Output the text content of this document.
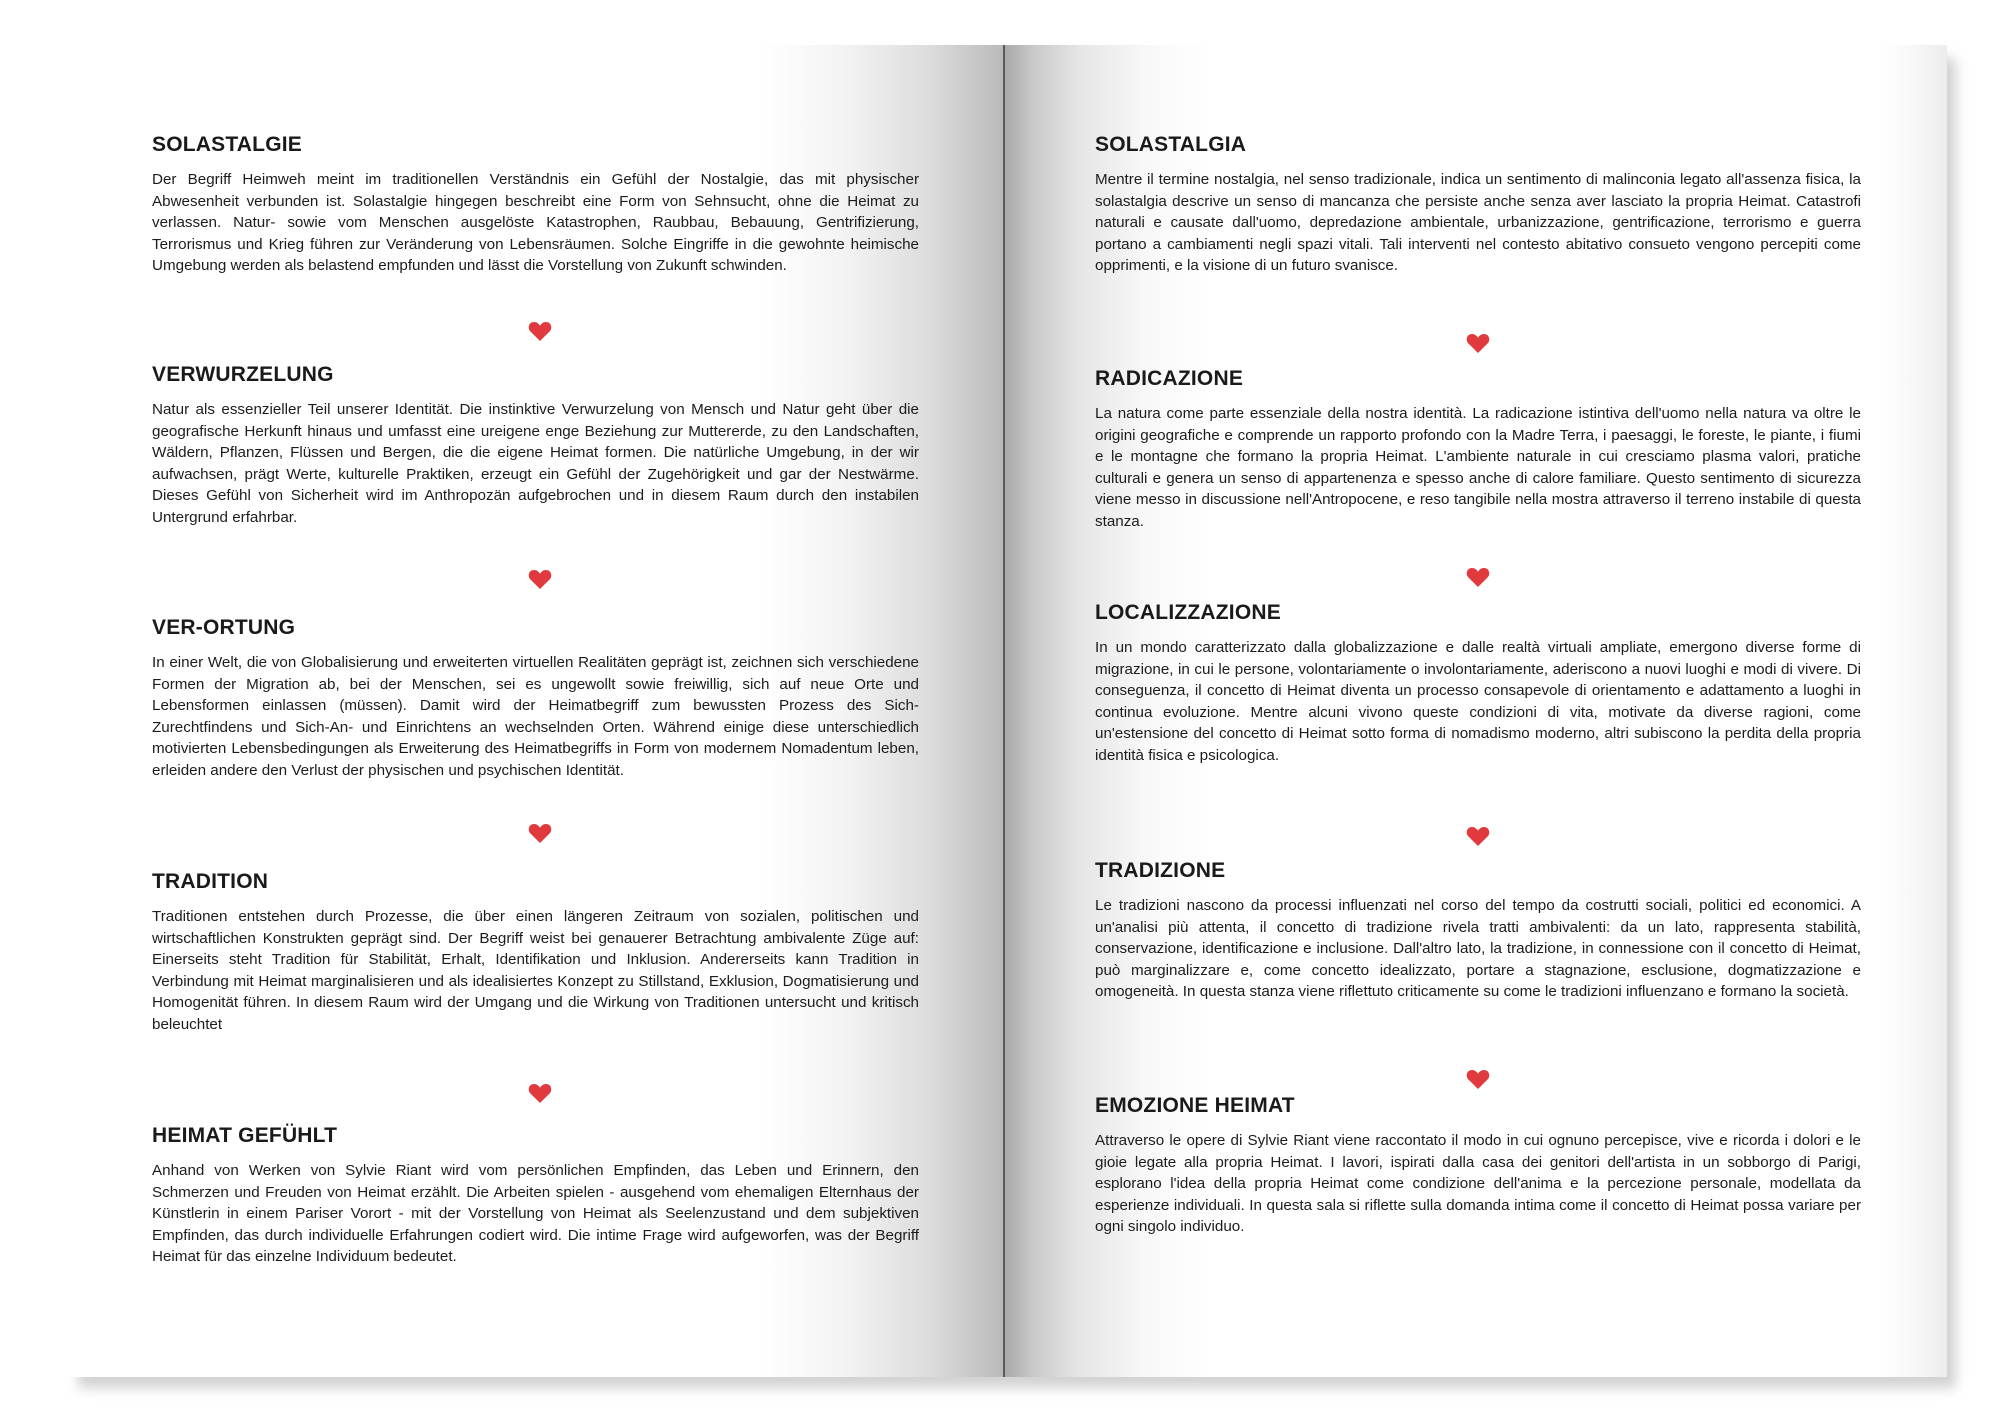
SOLASTALGIE

Der Begriff Heimweh meint im traditionellen Verständnis ein Gefühl der Nostalgie, das mit physischer Abwesenheit verbunden ist. Solastalgie hingegen beschreibt eine Form von Sehnsucht, ohne die Heimat zu verlassen. Natur- sowie vom Menschen ausgelöste Katastrophen, Raubbau, Bebauung, Gentrifizierung, Terrorismus und Krieg führen zur Veränderung von Lebensräumen. Solche Eingriffe in die gewohnte heimische Umgebung werden als belastend empfunden und lässt die Vorstellung von Zukunft schwinden.

VERWURZELUNG

Natur als essenzieller Teil unserer Identität. Die instinktive Verwurzelung von Mensch und Natur geht über die geografische Herkunft hinaus und umfasst eine ureigene enge Beziehung zur Muttererde, zu den Landschaften, Wäldern, Pflanzen, Flüssen und Bergen, die die eigene Heimat formen. Die natürliche Umgebung, in der wir aufwachsen, prägt Werte, kulturelle Praktiken, erzeugt ein Gefühl der Zugehörigkeit und gar der Nestwärme. Dieses Gefühl von Sicherheit wird im Anthropozän aufgebrochen und in diesem Raum durch den instabilen Untergrund erfahrbar.

VER-ORTUNG

In einer Welt, die von Globalisierung und erweiterten virtuellen Realitäten geprägt ist, zeichnen sich verschiedene Formen der Migration ab, bei der Menschen, sei es ungewollt sowie freiwillig, sich auf neue Orte und Lebensformen einlassen (müssen). Damit wird der Heimatbegriff zum bewussten Prozess des Sich-Zurechtfindens und Sich-An- und Einrichtens an wechselnden Orten. Während einige diese unterschiedlich motivierten Lebensbedingungen als Erweiterung des Heimatbegriffs in Form von modernem Nomadentum leben, erleiden andere den Verlust der physischen und psychischen Identität.

TRADITION

Traditionen entstehen durch Prozesse, die über einen längeren Zeitraum von sozialen, politischen und wirtschaftlichen Konstrukten geprägt sind. Der Begriff weist bei genauerer Betrachtung ambivalente Züge auf: Einerseits steht Tradition für Stabilität, Erhalt, Identifikation und Inklusion. Andererseits kann Tradition in Verbindung mit Heimat marginalisieren und als idealisiertes Konzept zu Stillstand, Exklusion, Dogmatisierung und Homogenität führen. In diesem Raum wird der Umgang und die Wirkung von Traditionen untersucht und kritisch beleuchtet

HEIMAT GEFÜHLT

Anhand von Werken von Sylvie Riant wird vom persönlichen Empfinden, das Leben und Erinnern, den Schmerzen und Freuden von Heimat erzählt. Die Arbeiten spielen - ausgehend vom ehemaligen Elternhaus der Künstlerin in einem Pariser Vorort - mit der Vorstellung von Heimat als Seelenzustand und dem subjektiven Empfinden, das durch individuelle Erfahrungen codiert wird. Die intime Frage wird aufgeworfen, was der Begriff Heimat für das einzelne Individuum bedeutet.

SOLASTALGIA

Mentre il termine nostalgia, nel senso tradizionale, indica un sentimento di malinconia legato all'assenza fisica, la solastalgia descrive un senso di mancanza che persiste anche senza aver lasciato la propria Heimat. Catastrofi naturali e causate dall'uomo, depredazione ambientale, urbanizzazione, gentrificazione, terrorismo e guerra portano a cambiamenti negli spazi vitali. Tali interventi nel contesto abitativo consueto vengono percepiti come opprimenti, e la visione di un futuro svanisce.

RADICAZIONE

La natura come parte essenziale della nostra identità. La radicazione istintiva dell'uomo nella natura va oltre le origini geografiche e comprende un rapporto profondo con la Madre Terra, i paesaggi, le foreste, le piante, i fiumi e le montagne che formano la propria Heimat. L'ambiente naturale in cui cresciamo plasma valori, pratiche culturali e genera un senso di appartenenza e spesso anche di calore familiare. Questo sentimento di sicurezza viene messo in discussione nell'Antropocene, e reso tangibile nella mostra attraverso il terreno instabile di questa stanza.

LOCALIZZAZIONE

In un mondo caratterizzato dalla globalizzazione e dalle realtà virtuali ampliate, emergono diverse forme di migrazione, in cui le persone, volontariamente o involontariamente, aderiscono a nuovi luoghi e modi di vivere. Di conseguenza, il concetto di Heimat diventa un processo consapevole di orientamento e adattamento a luoghi in continua evoluzione. Mentre alcuni vivono queste condizioni di vita, motivate da diverse ragioni, come un'estensione del concetto di Heimat sotto forma di nomadismo moderno, altri subiscono la perdita della propria identità fisica e psicologica.

TRADIZIONE

Le tradizioni nascono da processi influenzati nel corso del tempo da costrutti sociali, politici ed economici. A un'analisi più attenta, il concetto di tradizione rivela tratti ambivalenti: da un lato, rappresenta stabilità, conservazione, identificazione e inclusione. Dall'altro lato, la tradizione, in connessione con il concetto di Heimat, può marginalizzare e, come concetto idealizzato, portare a stagnazione, esclusione, dogmatizzazione e omogeneità. In questa stanza viene riflettuto criticamente su come le tradizioni influenzano e formano la società.

EMOZIONE HEIMAT

Attraverso le opere di Sylvie Riant viene raccontato il modo in cui ognuno percepisce, vive e ricorda i dolori e le gioie legate alla propria Heimat. I lavori, ispirati dalla casa dei genitori dell'artista in un sobborgo di Parigi, esplorano l'idea della propria Heimat come condizione dell'anima e la percezione personale, modellata da esperienze individuali. In questa sala si riflette sulla domanda intima come il concetto di Heimat possa variare per ogni singolo individuo.
